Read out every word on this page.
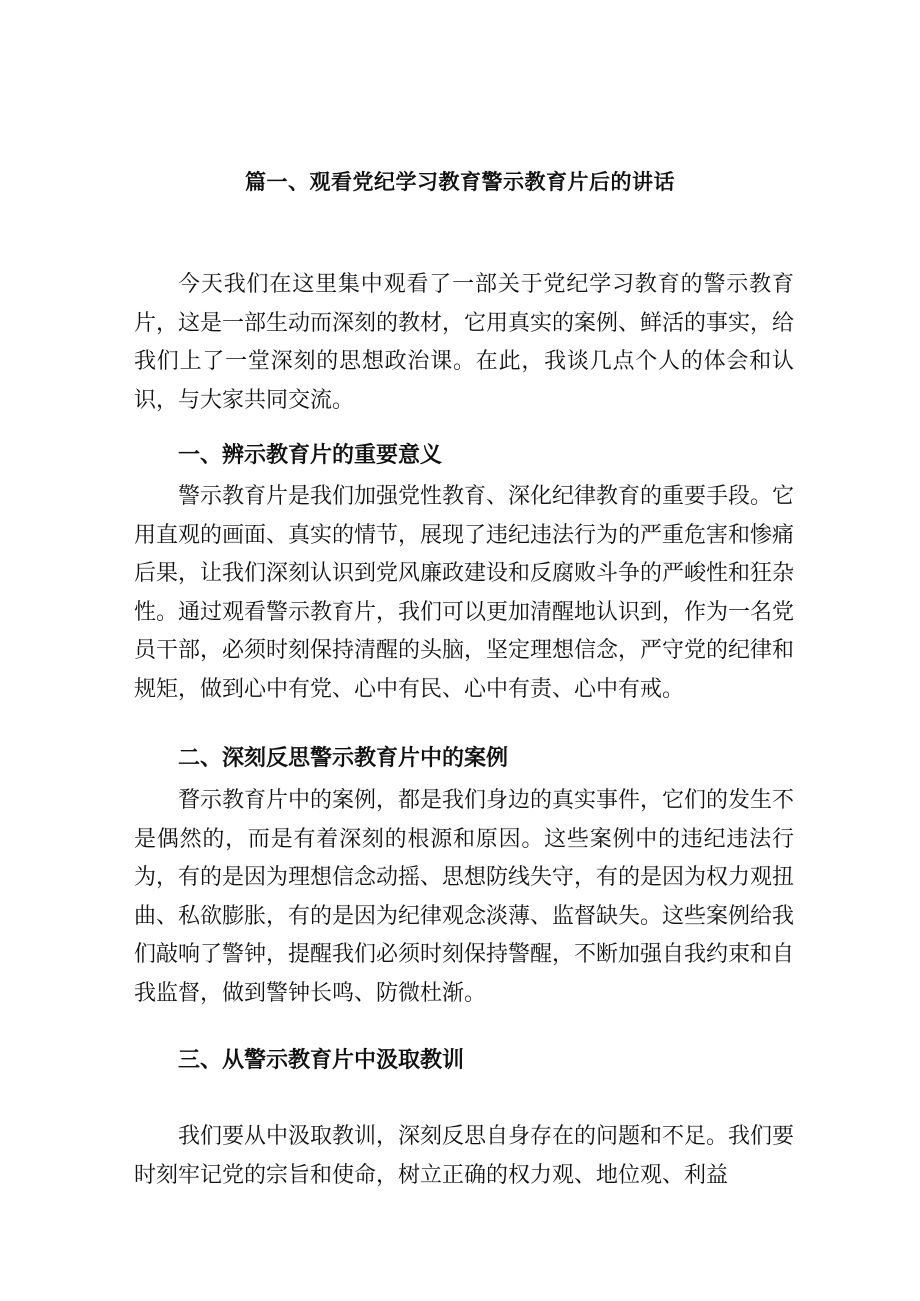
篇一、观看党纪学习教育警示教育片后的讲话

今天我们在这里集中观看了一部关于党纪学习教育的警示教育片，这是一部生动而深刻的教材，它用真实的案例、鲜活的事实，给我们上了一堂深刻的思想政治课。在此，我谈几点个人的体会和认识，与大家共同交流。

一、辨示教育片的重要意义

警示教育片是我们加强党性教育、深化纪律教育的重要手段。它用直观的画面、真实的情节，展现了违纪违法行为的严重危害和惨痛后果，让我们深刻认识到党风廉政建设和反腐败斗争的严峻性和狂杂性。通过观看警示教育片，我们可以更加清醒地认识到，作为一名党员干部，必须时刻保持清醒的头脑，坚定理想信念，严守党的纪律和规矩，做到心中有党、心中有民、心中有责、心中有戒。

二、深刻反思警示教育片中的案例

瞀示教育片中的案例，都是我们身边的真实事件，它们的发生不是偶然的，而是有着深刻的根源和原因。这些案例中的违纪违法行为，有的是因为理想信念动摇、思想防线失守，有的是因为权力观扭曲、私欲膨胀，有的是因为纪律观念淡薄、监督缺失。这些案例给我们敲响了警钟，提醒我们必须时刻保持警醒，不断加强自我约束和自我监督，做到警钟长鸣、防微杜渐。

三、从警示教育片中汲取教训

我们要从中汲取教训，深刻反思自身存在的问题和不足。我们要时刻牢记党的宗旨和使命，树立正确的权力观、地位观、利益
